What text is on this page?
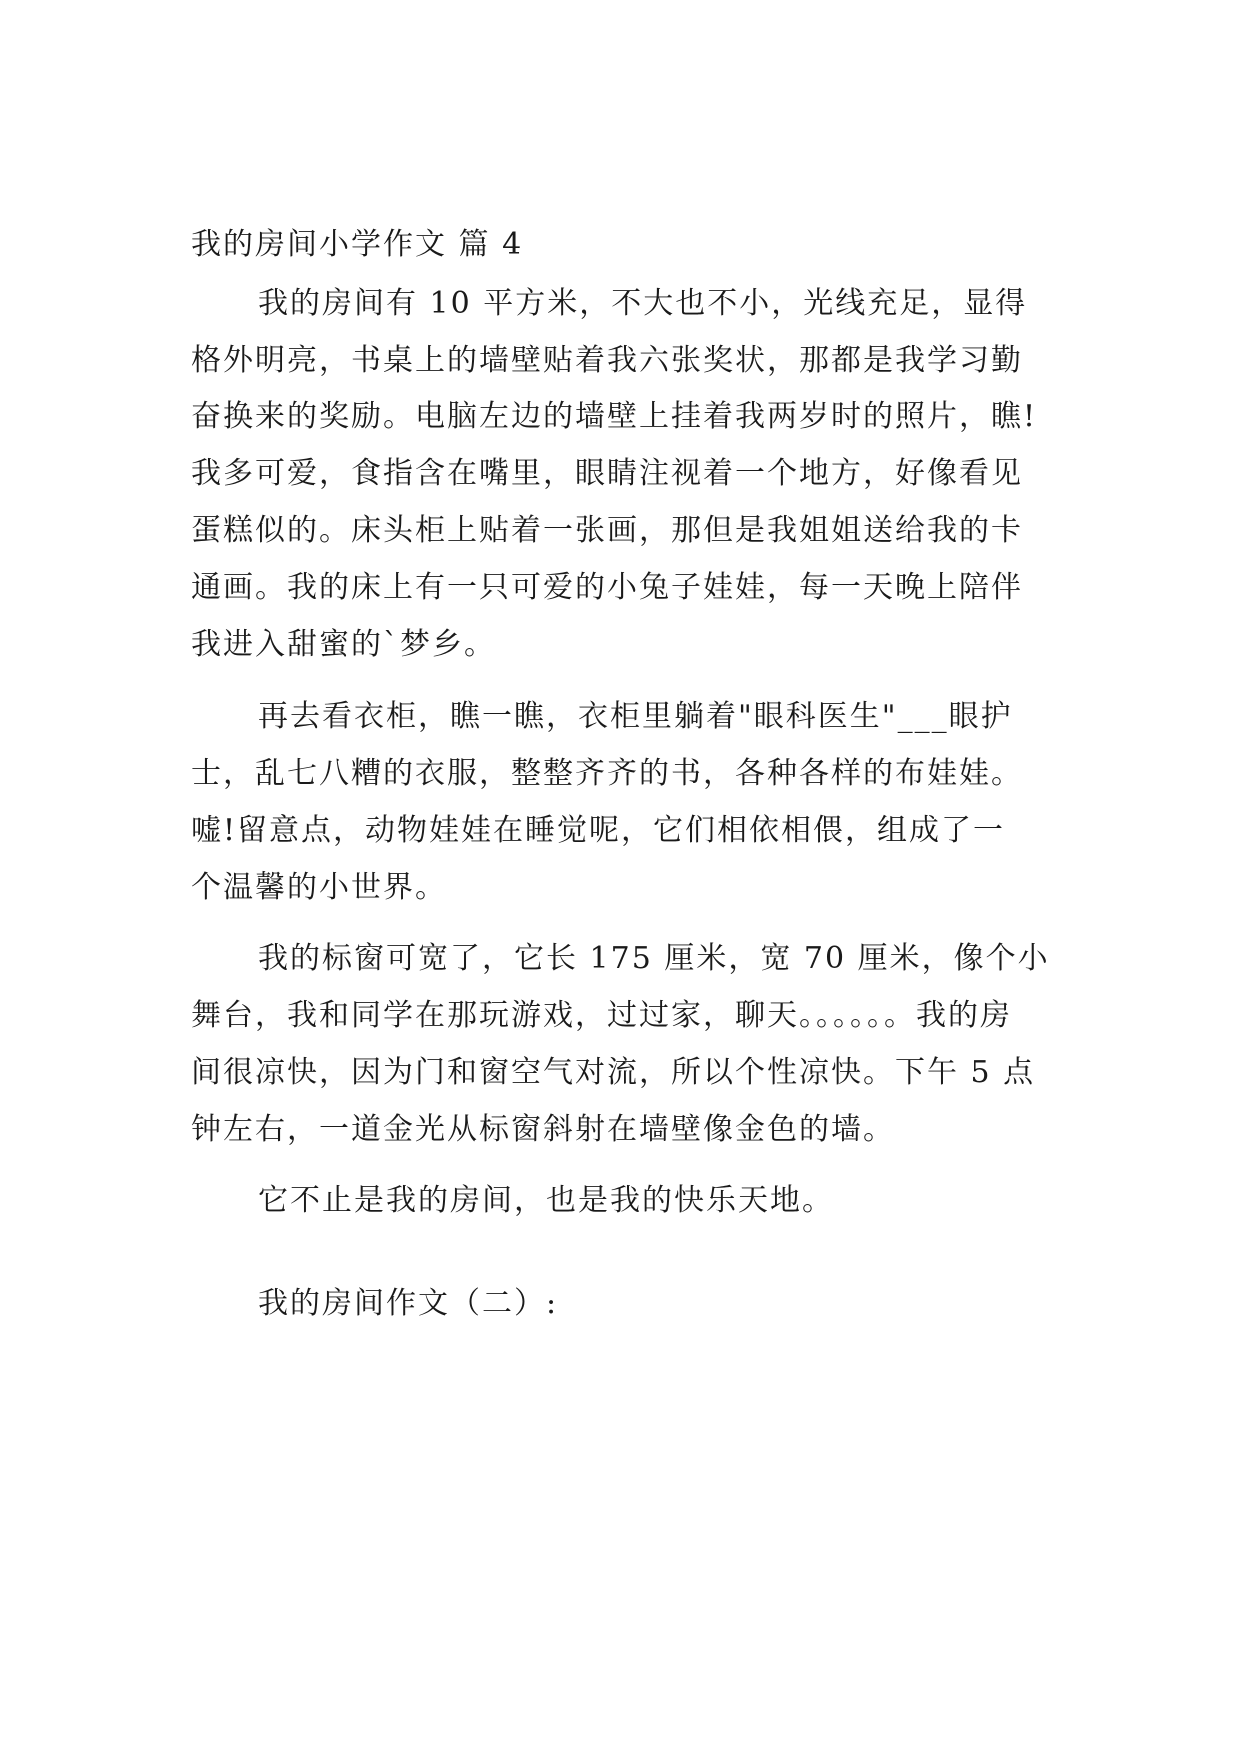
我的房间小学作文 篇 4
我的房间有 10 平方米，不大也不小，光线充足，显得
格外明亮，书桌上的墙壁贴着我六张奖状，那都是我学习勤
奋换来的奖励。电脑左边的墙壁上挂着我两岁时的照片，瞧!
我多可爱，食指含在嘴里，眼睛注视着一个地方，好像看见
蛋糕似的。床头柜上贴着一张画，那但是我姐姐送给我的卡
通画。我的床上有一只可爱的小兔子娃娃，每一天晚上陪伴
我进入甜蜜的`梦乡。
再去看衣柜，瞧一瞧，衣柜里躺着"眼科医生"___眼护
士，乱七八糟的衣服，整整齐齐的书，各种各样的布娃娃。
嘘!留意点，动物娃娃在睡觉呢，它们相依相偎，组成了一
个温馨的小世界。
我的标窗可宽了，它长 175 厘米，宽 70 厘米，像个小
舞台，我和同学在那玩游戏，过过家，聊天。。。。。。我的房
间很凉快，因为门和窗空气对流，所以个性凉快。下午 5 点
钟左右，一道金光从标窗斜射在墙壁像金色的墙。
它不止是我的房间，也是我的快乐天地。
我的房间作文（二）:
